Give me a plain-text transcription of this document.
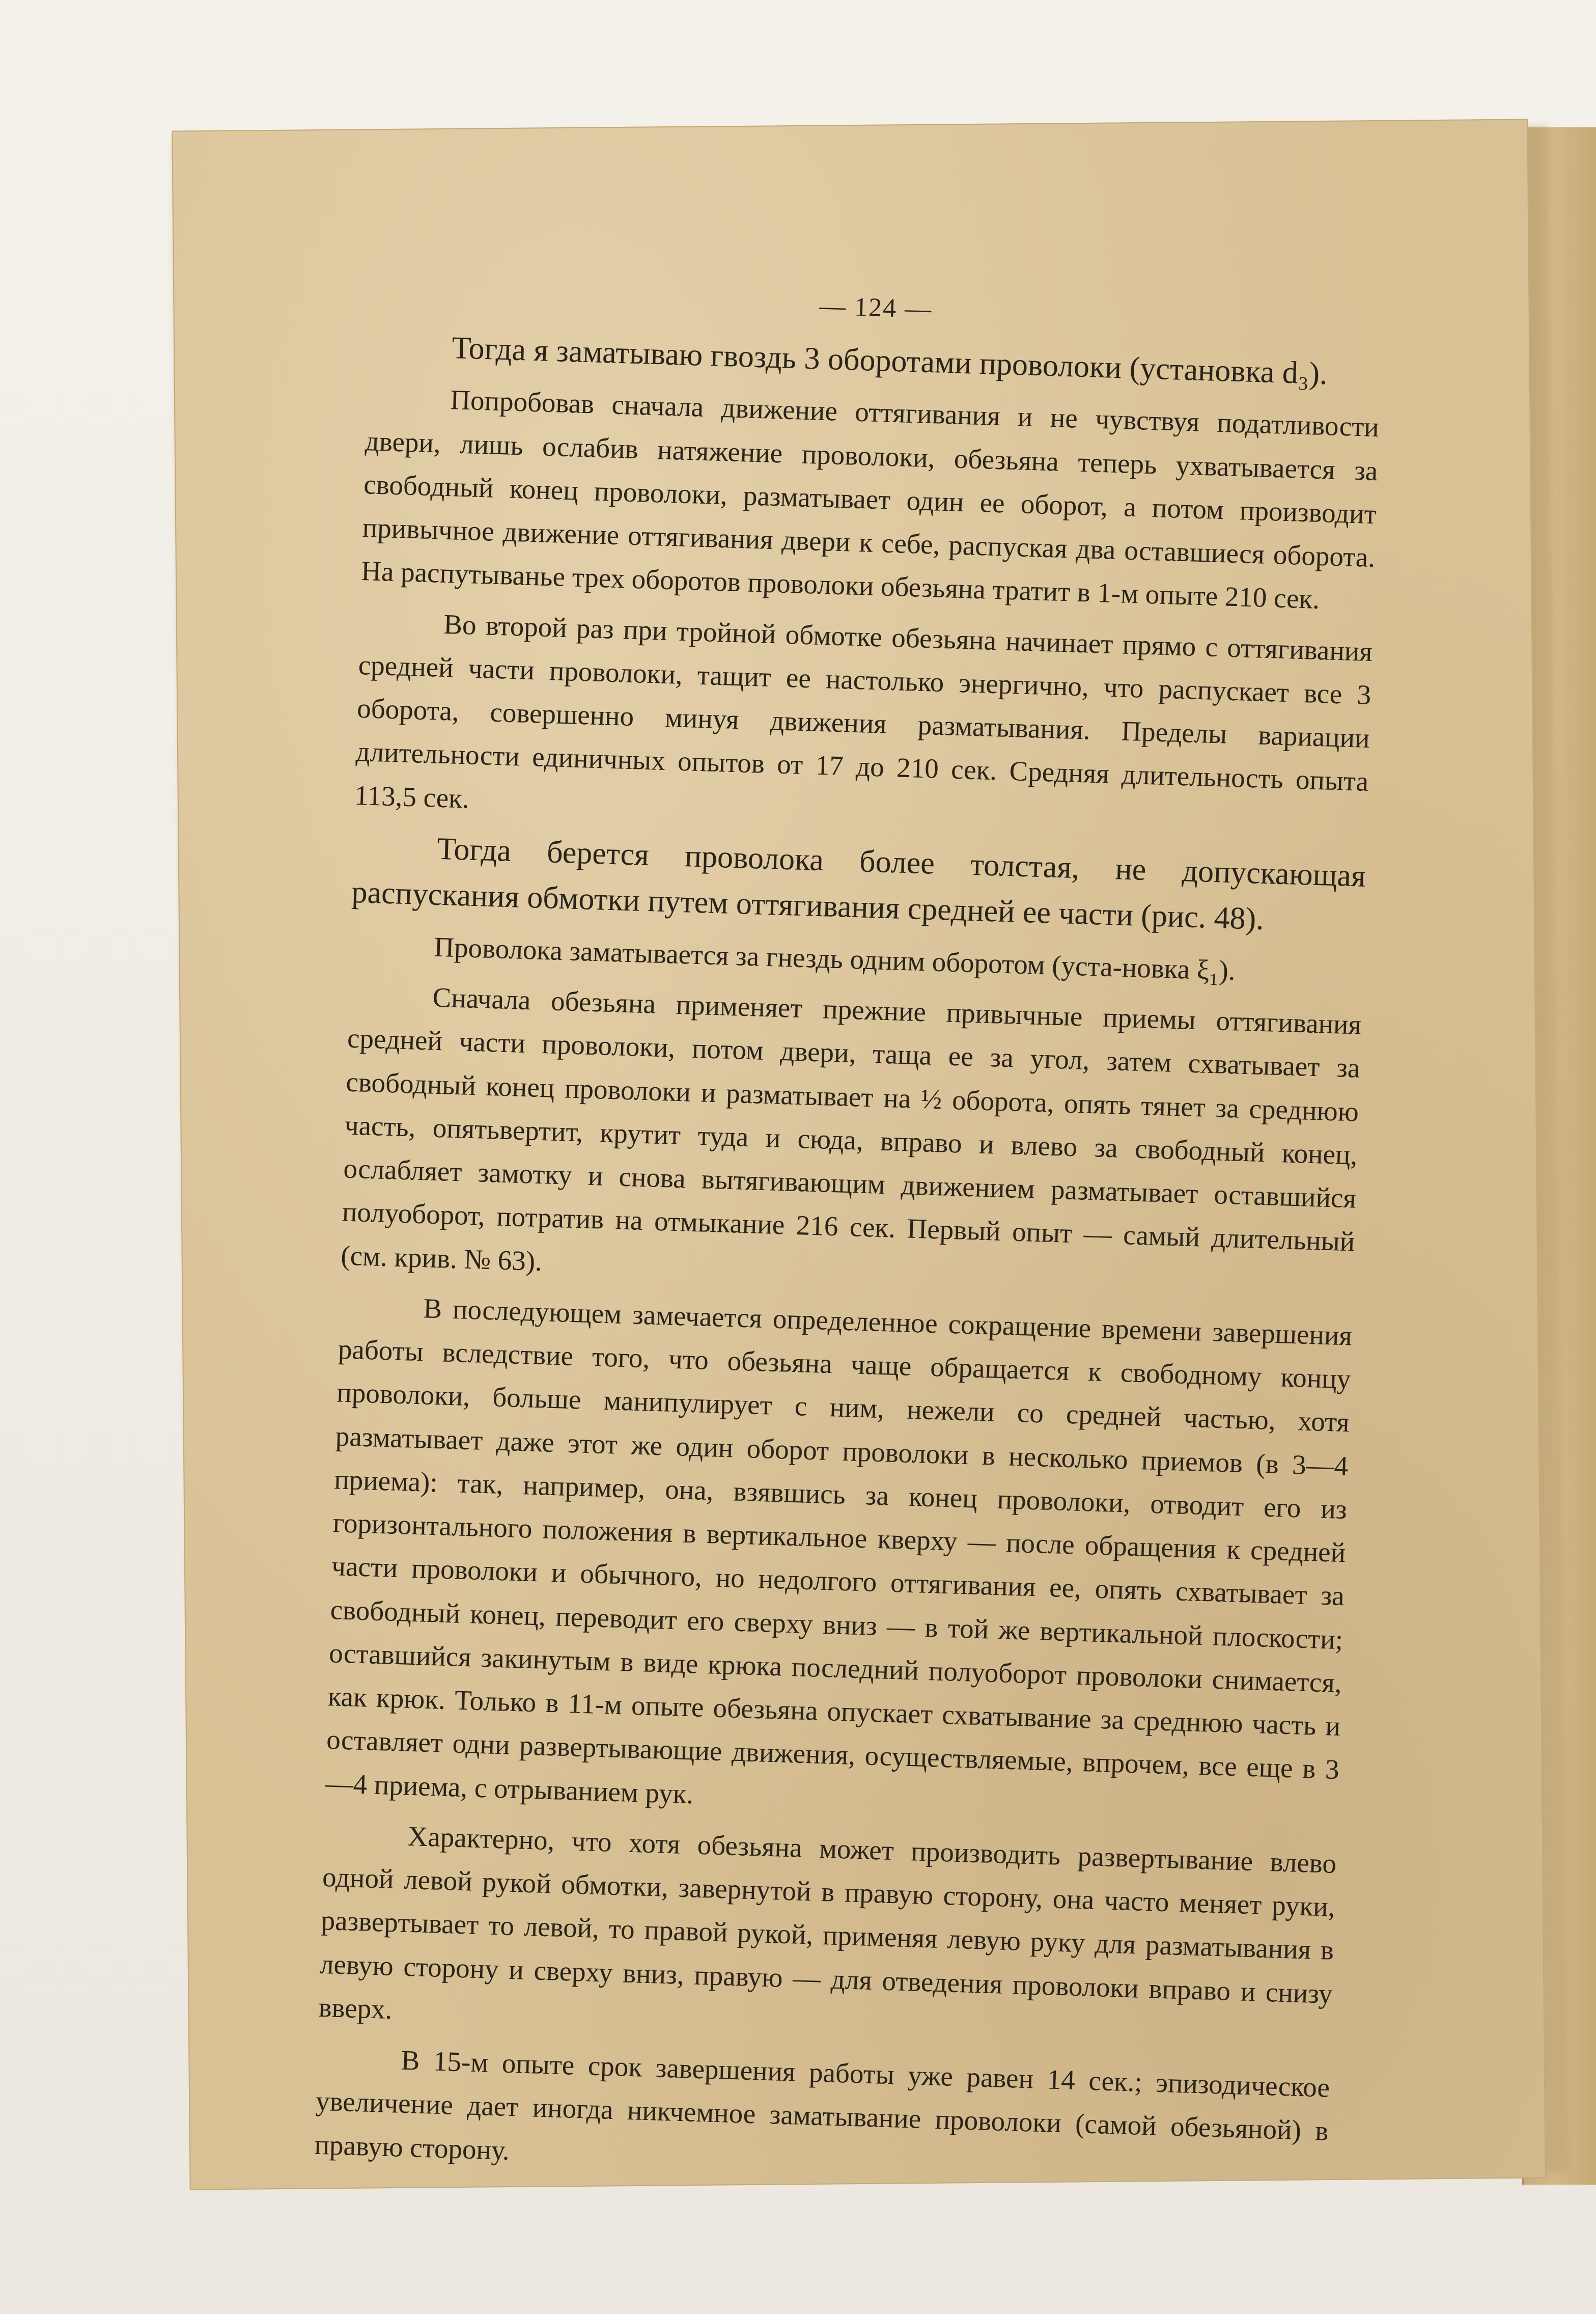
— 124 —

Тогда я заматываю гвоздь 3 оборотами проволоки (установка d₃).

Попробовав сначала движение оттягивания и не чувствуя податливости двери, лишь ослабив натяжение проволоки, обезьяна теперь ухватывается за свободный конец проволоки, разматывает один ее оборот, а потом производит привычное движение оттягивания двери к себе, распуская два оставшиеся оборота. На распутыванье трех оборотов проволоки обезьяна тратит в 1-м опыте 210 сек.

Во второй раз при тройной обмотке обезьяна начинает прямо с оттягивания средней части проволоки, тащит ее настолько энергично, что распускает все 3 оборота, совершенно минуя движения разматывания. Пределы вариации длительности единичных опытов от 17 до 210 сек. Средняя длительность опыта 113,5 сек.

Тогда берется проволока более толстая, не допускающая распускания обмотки путем оттягивания средней ее части (рис. 48).

Проволока заматывается за гнездь одним оборотом (уста-новка ξ₁).

Сначала обезьяна применяет прежние привычные приемы оттягивания средней части проволоки, потом двери, таща ее за угол, затем схватывает за свободный конец проволоки и разматывает на ½ оборота, опять тянет за среднюю часть, опятьвертит, крутит туда и сюда, вправо и влево за свободный конец, ослабляет замотку и снова вытягивающим движением разматывает оставшийся полуоборот, потратив на отмыкание 216 сек. Первый опыт — самый длительный (см. крив. № 63).

В последующем замечается определенное сокращение времени завершения работы вследствие того, что обезьяна чаще обращается к свободному концу проволоки, больше манипулирует с ним, нежели со средней частью, хотя разматывает даже этот же один оборот проволоки в несколько приемов (в 3—4 приема): так, например, она, взявшись за конец проволоки, отводит его из горизонтального положения в вертикальное кверху — после обращения к средней части проволоки и обычного, но недолгого оттягивания ее, опять схватывает за свободный конец, переводит его сверху вниз — в той же вертикальной плоскости; оставшийся закинутым в виде крюка последний полуоборот проволоки снимается, как крюк. Только в 11-м опыте обезьяна опускает схватывание за среднюю часть и оставляет одни развертывающие движения, осуществляемые, впрочем, все еще в 3—4 приема, с отрыванием рук.

Характерно, что хотя обезьяна может производить развертывание влево одной левой рукой обмотки, завернутой в правую сторону, она часто меняет руки, развертывает то левой, то правой рукой, применяя левую руку для разматывания в левую сторону и сверху вниз, правую — для отведения проволоки вправо и снизу вверх.

В 15-м опыте срок завершения работы уже равен 14 сек.; эпизодическое увеличение дает иногда никчемное заматывание проволоки (самой обезьяной) в правую сторону.
